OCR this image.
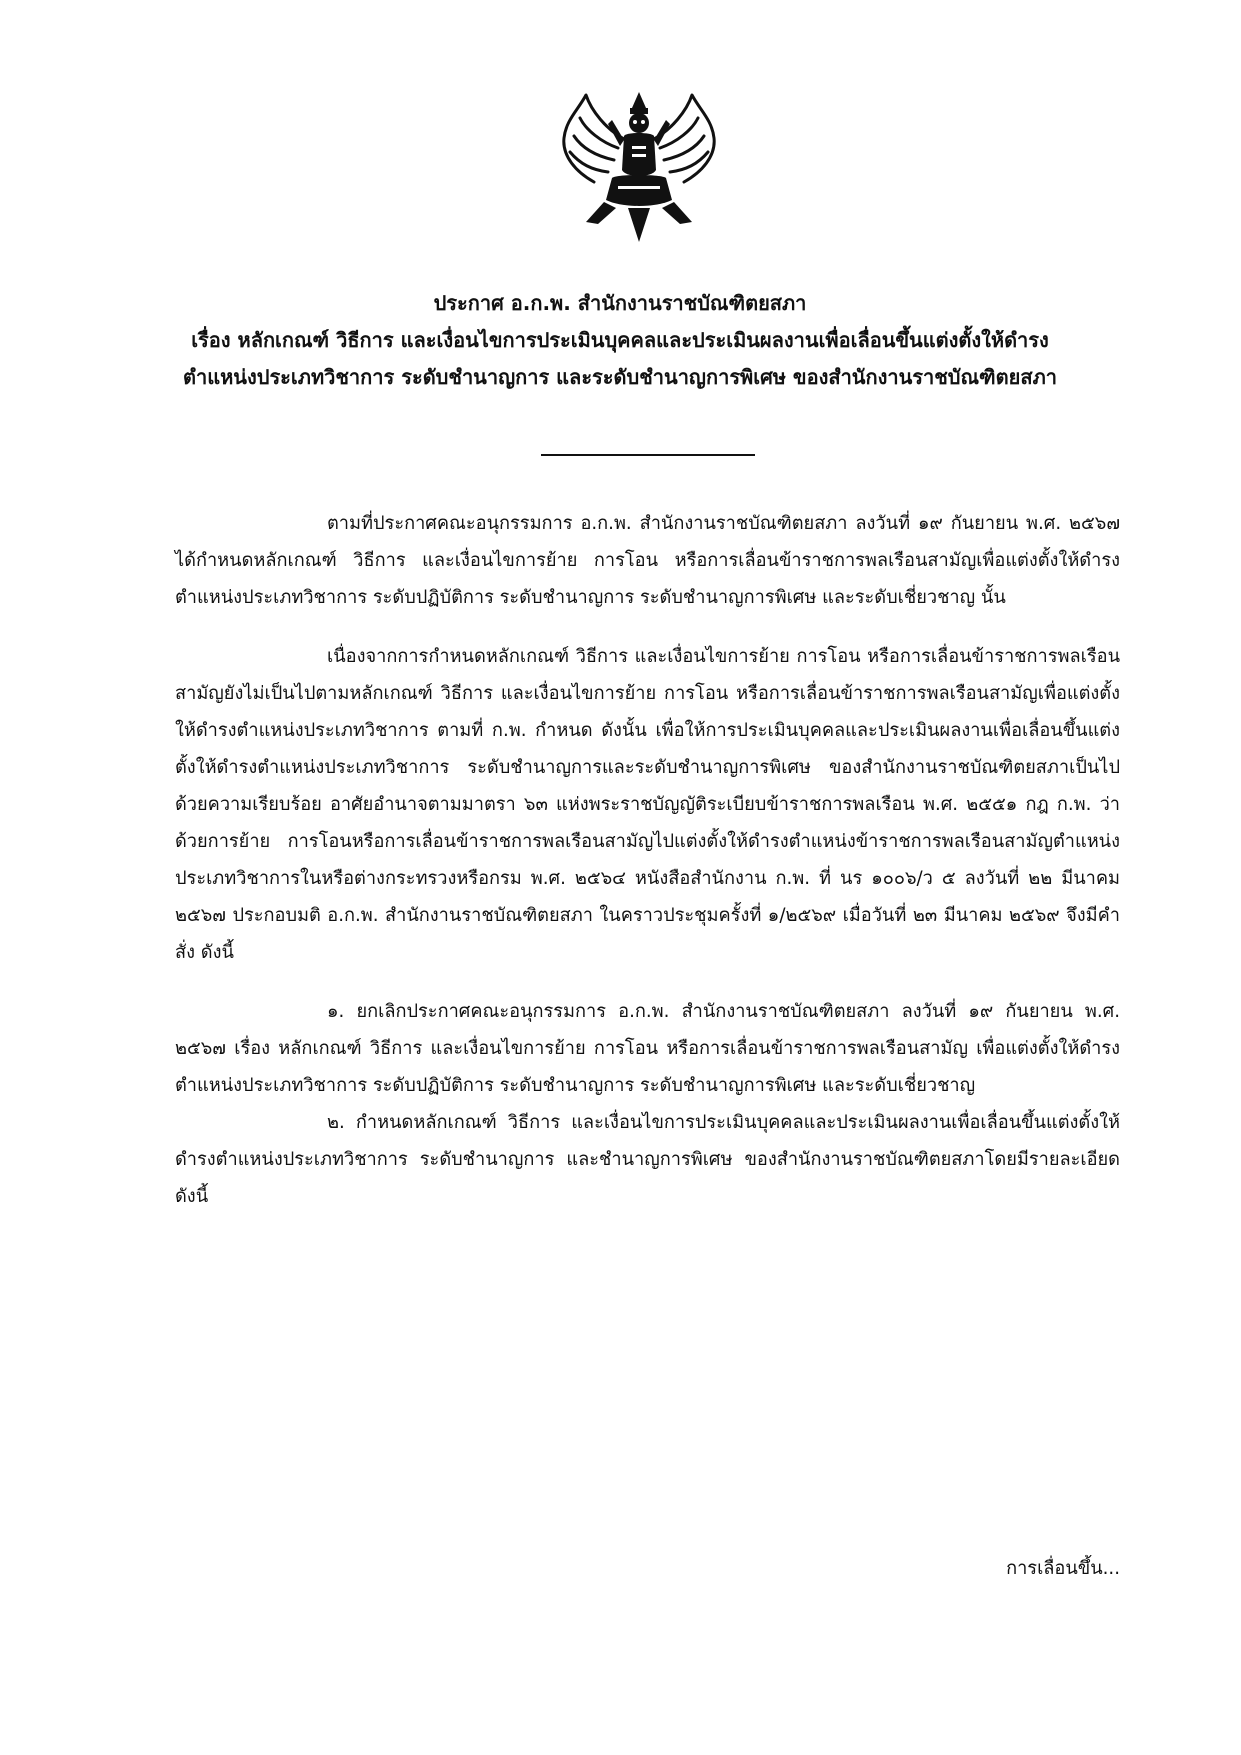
ประกาศ อ.ก.พ. สำนักงานราชบัณฑิตยสภา
เรื่อง หลักเกณฑ์ วิธีการ และเงื่อนไขการประเมินบุคคลและประเมินผลงานเพื่อเลื่อนขึ้นแต่งตั้งให้ดำรง
ตำแหน่งประเภทวิชาการ ระดับชำนาญการ และระดับชำนาญการพิเศษ ของสำนักงานราชบัณฑิตยสภา

ตามที่ประกาศคณะอนุกรรมการ อ.ก.พ. สำนักงานราชบัณฑิตยสภา ลงวันที่ ๑๙ กันยายน พ.ศ. ๒๕๖๗ ได้กำหนดหลักเกณฑ์ วิธีการ และเงื่อนไขการย้าย การโอน หรือการเลื่อนข้าราชการพลเรือนสามัญเพื่อแต่งตั้งให้ดำรงตำแหน่งประเภทวิชาการ ระดับปฏิบัติการ ระดับชำนาญการ ระดับชำนาญการพิเศษ และระดับเชี่ยวชาญ นั้น

เนื่องจากการกำหนดหลักเกณฑ์ วิธีการ และเงื่อนไขการย้าย การโอน หรือการเลื่อนข้าราชการพลเรือนสามัญยังไม่เป็นไปตามหลักเกณฑ์ วิธีการ และเงื่อนไขการย้าย การโอน หรือการเลื่อนข้าราชการพลเรือนสามัญเพื่อแต่งตั้ง ให้ดำรงตำแหน่งประเภทวิชาการ ตามที่ ก.พ. กำหนด ดังนั้น เพื่อให้การประเมินบุคคลและประเมินผลงานเพื่อเลื่อนขึ้นแต่งตั้งให้ดำรงตำแหน่งประเภทวิชาการ ระดับชำนาญการและระดับชำนาญการพิเศษ ของสำนักงานราชบัณฑิตยสภาเป็นไปด้วยความเรียบร้อย อาศัยอำนาจตามมาตรา ๖๓ แห่งพระราชบัญญัติระเบียบข้าราชการพลเรือน พ.ศ. ๒๕๕๑ กฎ ก.พ. ว่าด้วยการย้าย การโอนหรือการเลื่อนข้าราชการพลเรือนสามัญไปแต่งตั้งให้ดำรงตำแหน่งข้าราชการพลเรือนสามัญตำแหน่งประเภทวิชาการในหรือต่างกระทรวงหรือกรม พ.ศ. ๒๕๖๔ หนังสือสำนักงาน ก.พ. ที่ นร ๑๐๐๖/ว ๕ ลงวันที่ ๒๒ มีนาคม ๒๕๖๗ ประกอบมติ อ.ก.พ. สำนักงานราชบัณฑิตยสภา ในคราวประชุมครั้งที่ ๑/๒๕๖๙ เมื่อวันที่ ๒๓ มีนาคม ๒๕๖๙ จึงมีคำสั่ง ดังนี้

๑. ยกเลิกประกาศคณะอนุกรรมการ อ.ก.พ. สำนักงานราชบัณฑิตยสภา ลงวันที่ ๑๙ กันยายน พ.ศ. ๒๕๖๗ เรื่อง หลักเกณฑ์ วิธีการ และเงื่อนไขการย้าย การโอน หรือการเลื่อนข้าราชการพลเรือนสามัญ เพื่อแต่งตั้งให้ดำรงตำแหน่งประเภทวิชาการ ระดับปฏิบัติการ ระดับชำนาญการ ระดับชำนาญการพิเศษ และระดับเชี่ยวชาญ

๒. กำหนดหลักเกณฑ์ วิธีการ และเงื่อนไขการประเมินบุคคลและประเมินผลงานเพื่อเลื่อนขึ้นแต่งตั้งให้ดำรงตำแหน่งประเภทวิชาการ ระดับชำนาญการ และชำนาญการพิเศษ ของสำนักงานราชบัณฑิตยสภาโดยมีรายละเอียด ดังนี้

การเลื่อนขึ้น...
